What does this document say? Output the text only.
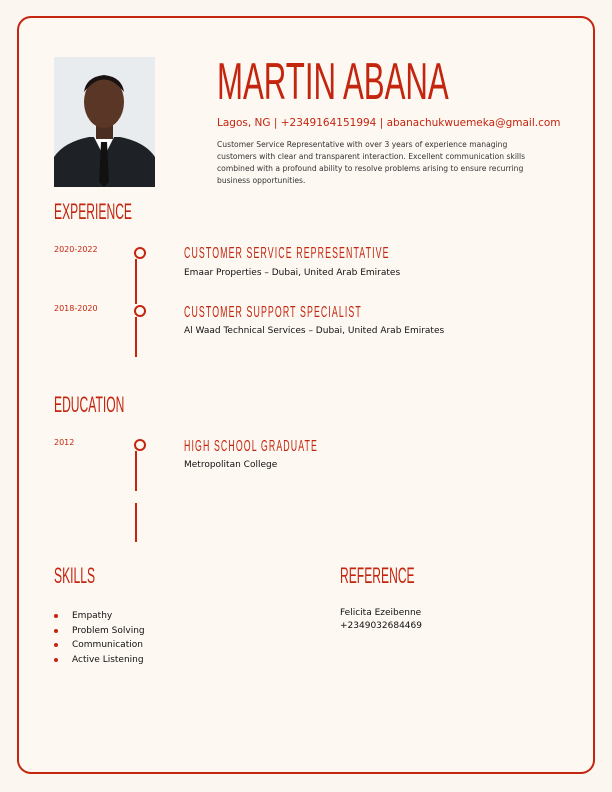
MARTIN ABANA
Lagos, NG | +2349164151994 | abanachukwuemeka@gmail.com
Customer Service Representative with over 3 years of experience managing customers with clear and transparent interaction. Excellent communication skills combined with a profound ability to resolve problems arising to ensure recurring business opportunities.
EXPERIENCE
2020-2022	CUSTOMER SERVICE REPRESENTATIVE
Emaar Properties – Dubai, United Arab Emirates
2018-2020	CUSTOMER SUPPORT SPECIALIST
Al Waad Technical Services – Dubai, United Arab Emirates
EDUCATION
2012	HIGH SCHOOL GRADUATE
Metropolitan College
SKILLS
Empathy
Problem Solving
Communication
Active Listening
REFERENCE
Felicita Ezeibenne
+2349032684469
